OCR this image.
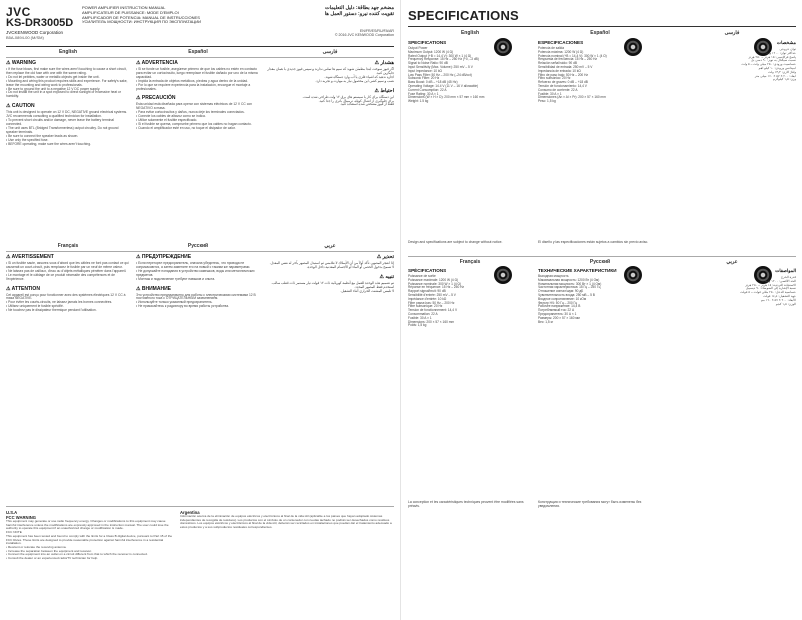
JVC
KS-DR3005D
JVCKENWOOD Corporation
B5A-0894-00 (M/SM)
POWER AMPLIFIER INSTRUCTION MANUAL
AMPLIFICATEUR DE PUISSANCE: MODE D'EMPLOI
AMPLIFICADOR DE POTENCIA: MANUAL DE INSTRUCCIONES
УСИЛИТЕЛЬ МОЩНОСТИ: ИНСТРУКЦИЯ ПО ЭКСПЛУАТАЦИИ
مضخم جهد بطاقة: دليل التعليمات
تقویت کننده نیرو: دستور العمل ها
EN/FR/ES/RU/FA/AR
© 2016 JVC KENWOOD Corporation
English	Español	فارسی
⚠ WARNING
• If the fuse blows, first make sure the wires aren't touching to cause a short circuit, then replace the old fuse with one with the same rating.
• Do not let pebbles, water or metallic objects get inside the unit.
• Mounting and wiring this product requires skills and experience. For safety's sake, leave the mounting and wiring work to professionals.
• Be sure to ground the unit to a negative 12 V DC power supply.
• Do not install the unit in a spot exposed to direct sunlight or excessive heat or humidity.
⚠ CAUTION
This unit is designed to operate on 12 V DC, NEGATIVE ground electrical systems. JVC recommends consulting a qualified technician for installation.
• To prevent short circuits and/or damage, never leave the battery terminal connected.
• The unit uses BTL (Bridged Transformerless) output circuitry. Do not ground speaker terminals.
• Be sure to connect the speaker leads as shown.
• Use only the specified fuse.
• BEFORE operating, make sure the wires aren't touching.
⚠ ADVERTENCIA
• Si se funde un fusible, asegúrese primero de que los cables no estén en contacto para evitar un cortocircuito, luego reemplace el fusible dañado por uno de la misma capacidad.
• Impida la entrada de objetos metálicos, piedras y agua dentro de la unidad.
• Por lo que se requiere experiencia para la instalación, encargue el montaje a profesionales.
⚠ PRECAUCIÓN
Esta unidad está diseñada para operar con sistemas eléctricos de 12 V CC con NEGATIVO a masa.
• Para evitar cortocircuitos y daños, nunca deje los terminales conectados.
• Conecte los cables de altavoz como se indica.
• Utilice solamente el fusible especificado.
• Si el fusible se quema, compruebe primero que los cables no hagan contacto.
• Cuando el amplificador esté en uso, no toque el disipador de calor.
هشدار ⚠
اگر فیوز سوخت ابتدا مطمئن شوید که سیم ها تماس ندارند و سپس فیوز جدیدی با همان مقدار جایگزین کنید.
اجازه ندهید که اشیاء فلزی یا آب وارد دستگاه شوند.
نصب و سیم کشی این محصول نیاز به مهارت و تجربه دارد.
احتیاط ⚠
این دستگاه برای کار با سیستم های برق ۱۲ ولت طراحی شده است.
برای جلوگیری از اتصال کوتاه، ترمینال باتری را جدا کنید.
فقط از فیوز مشخص شده استفاده کنید.
Français	Русский	عربي
⚠ AVERTISSEMENT
• Si un fusible saute, assurez-vous d'abord que les câbles ne font pas contact ce qui causerait un court-circuit, puis remplacez le fusible par un neuf de même valeur.
• Ne laissez pas de cailloux, d'eau ou d'objets métalliques pénétrer dans l'appareil.
• Le montage et le câblage de ce produit nécessite des compétences et de l'expérience.
⚠ ATTENTION
Cet appareil est conçu pour fonctionner avec des systèmes électriques 12 V CC à masa NÉGATIVE.
• Pour éviter les courts-circuits, ne laissez jamais les bornes connectées.
• Utilisez uniquement le fusible spécifié.
• Ne touchez pas le dissipateur thermique pendant l'utilisation.
⚠ ПРЕДУПРЕЖДЕНИЕ
• Если перегорел предохранитель, сначала убедитесь, что провода не соприкасаются, а затем замените его на новый с такими же параметрами.
• Не допускайте попадания в устройство камешков, воды или металлических предметов.
• Монтаж и подключение требуют навыков и опыта.
⚠ ВНИМАНИЕ
Это устройство предназначено для работы с электрическими системами 12 В постоянного тока с ОТРИЦАТЕЛЬНЫМ заземлением.
• Используйте только указанный предохранитель.
• Не прикасайтесь к радиатору во время работы устройства.
تحذير ⚠
إذا انفجر المصهر، تأكد أولاً من أن الأسلاك لا تتلامس ثم استبدل المصهر بآخر له نفس المعدل.
لا تسمح بدخول الحصى أو الماء أو الأجسام المعدنية داخل الوحدة.
تنبيه ⚠
تم تصميم هذه الوحدة للعمل مع أنظمة كهربائية ذات ١٢ فولت تيار مستمر ذات قطب سالب.
استخدم فقط المصهر المحدد.
لا تلمس المشتت الحراري أثناء التشغيل.
U.S.A
FCC WARNING
This equipment may generate or use radio frequency energy. Changes or modifications to this equipment may cause harmful interference unless the modifications are expressly approved in the instruction manual. The user could lose the authority to operate this equipment if an unauthorized change or modification is made.
FCC NOTE
This equipment has been tested and found to comply with the limits for a Class B digital device, pursuant to Part 15 of the FCC Rules. These limits are designed to provide reasonable protection against harmful interference in a residential installation.
• Reorient or relocate the receiving antenna.
• Increase the separation between the equipment and receiver.
• Connect the equipment into an outlet on a circuit different from that to which the receiver is connected.
• Consult the dealer or an experienced radio/TV technician for help.
Argentina
Información acerca de la eliminación de equipos eléctricos y electrónicos al final de la vida útil (aplicable a los países que hayan adoptado sistemas independientes de recogida de residuos). Los productos con el símbolo de un contenedor con ruedas tachado no podrán ser desechados como residuos domésticos. Los equipos eléctricos y electrónicos al final de la vida útil, deberán ser reciclados en instalaciones que puedan dar el tratamiento adecuado a estos productos y a sus subproductos residuales correspondientes.
SPECIFICATIONS
English	Español	فارسی
SPECIFICATIONS
Output Power
Maximum Output: 1200 W (4 Ω)
Rated Output (+B = 14.4 V): 300 W × 1 (4 Ω)
Frequency Response: 15 Hz – 250 Hz (+0, –3 dB)
Signal to Noise Ratio: 90 dB
Input Sensitivity (Max. Volume): 250 mV – 5 V
Input Impedance: 10 kΩ
Low Pass Filter: 50 Hz – 200 Hz (–24 dB/oct)
Subsonic Filter: 20 Hz
Bass Boost: 0 dB – +18 dB (45 Hz)
Operating Voltage: 14.4 V (11 V – 16 V allowable)
Current Consumption: 22 A
Fuse Rating: 30 A × 1
Dimensions (W × H × D): 200 mm × 57 mm × 160 mm
Weight: 1.5 kg
ESPECIFICACIONES
Potencia de salida
Potencia máxima: 1200 W (4 Ω)
Potencia nominal (+B = 14,4 V): 300 W × 1 (4 Ω)
Respuesta de frecuencia: 15 Hz – 250 Hz
Relación señal/ruido: 90 dB
Sensibilidad de entrada: 250 mV – 5 V
Impedancia de entrada: 10 kΩ
Filtro de paso bajo: 50 Hz – 200 Hz
Filtro subsónico: 20 Hz
Refuerzo de graves: 0 dB – +18 dB
Tensión de funcionamiento: 14,4 V
Consumo de corriente: 22 A
Fusible: 30 A × 1
Dimensiones (An × Al × Pr): 200 × 57 × 160 mm
Peso: 1,5 kg
مشخصات
توان خروجی
حداکثر توان: ۱۲۰۰ وات
پاسخ فرکانسی: ۱۵ هرتز – ۲۵۰ هرتز
نسبت سیگنال به نویز: ۹۰ دسی بل
حساسیت ورودی: ۲۵۰ میلی ولت – ۵ ولت
امپدانس ورودی: ۱۰ کیلو اهم
ولتاژ کاری: ۱۴٫۴ ولت
ابعاد: ۲۰۰ × ۵۷ × ۱۶۰ میلی متر
وزن: ۱٫۵ کیلوگرم
Design and specifications are subject to change without notice.	El diseño y las especificaciones están sujetos a cambios sin previo aviso.
Français	Русский	عربي
SPÉCIFICATIONS
Puissance de sortie
Puissance maximale: 1200 W (4 Ω)
Puissance nominale: 300 W × 1 (4 Ω)
Réponse en fréquence: 15 Hz – 250 Hz
Rapport signal/bruit: 90 dB
Sensibilité d'entrée: 250 mV – 5 V
Impédance d'entrée: 10 kΩ
Filtre passe-bas: 50 Hz – 200 Hz
Filtre subsonique: 20 Hz
Tension de fonctionnement: 14,4 V
Consommation: 22 A
Fusible: 30 A × 1
Dimensions: 200 × 57 × 160 mm
Poids: 1,5 kg
ТЕХНИЧЕСКИЕ ХАРАКТЕРИСТИКИ
Выходная мощность
Максимальная мощность: 1200 Вт (4 Ом)
Номинальная мощность: 300 Вт × 1 (4 Ом)
Частотная характеристика: 15 Гц – 250 Гц
Отношение сигнал/шум: 90 дБ
Чувствительность входа: 250 мВ – 5 В
Входное сопротивление: 10 кОм
Фильтр НЧ: 50 Гц – 200 Гц
Рабочее напряжение: 14,4 В
Потребляемый ток: 22 А
Предохранитель: 30 А × 1
Размеры: 200 × 57 × 160 мм
Вес: 1,5 кг
المواصفات
قدرة الخرج
الحد الأقصى: ١٢٠٠ واط
الاستجابة الترددية: ١٥ هرتز – ٢٥٠ هرتز
نسبة الإشارة إلى الضوضاء: ٩٠ ديسيبل
حساسية الدخل: ٢٥٠ مللي فولت – ٥ فولت
جهد التشغيل: ١٤٫٤ فولت
الأبعاد: ٢٠٠ × ٥٧ × ١٦٠ مم
الوزن: ١٫٥ كجم
La conception et les caractéristiques techniques peuvent être modifiées sans préavis.
Конструкция и технические требования могут быть изменены без уведомления.
